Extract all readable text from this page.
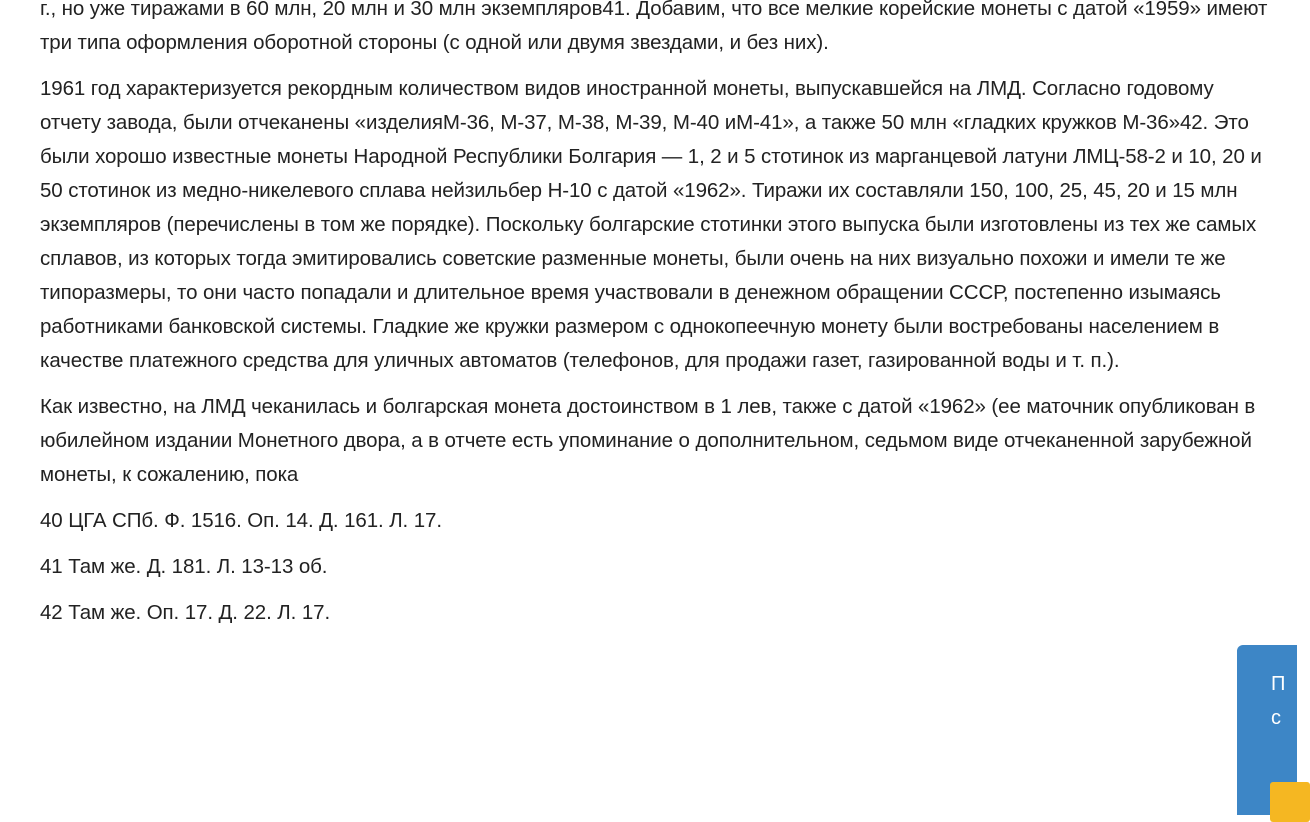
г., но уже тиражами в 60 млн, 20 млн и 30 млн экземпляров41. Добавим, что все мелкие корейские монеты с датой «1959» имеют три типа оформления оборотной стороны (с одной или двумя звездами, и без них).

1961 год характеризуется рекордным количеством видов иностранной монеты, выпускавшейся на ЛМД. Согласно годовому отчету завода, были отчеканены «изделияМ-36, М-37, М-38, М-39, М-40 иМ-41», а также 50 млн «гладких кружков М-36»42. Это были хорошо известные монеты Народной Республики Болгария — 1, 2 и 5 стотинок из марганцевой латуни ЛМЦ-58-2 и 10, 20 и 50 стотинок из медно-никелевого сплава нейзильбер Н-10 с датой «1962». Тиражи их составляли 150, 100, 25, 45, 20 и 15 млн экземпляров (перечислены в том же порядке). Поскольку болгарские стотинки этого выпуска были изготовлены из тех же самых сплавов, из которых тогда эмитировались советские разменные монеты, были очень на них визуально похожи и имели те же типоразмеры, то они часто попадали и длительное время участвовали в денежном обращении СССР, постепенно изымаясь работниками банковской системы. Гладкие же кружки размером с однокопеечную монету были востребованы населением в качестве платежного средства для уличных автоматов (телефонов, для продажи газет, газированной воды и т. п.).

Как известно, на ЛМД чеканилась и болгарская монета достоинством в 1 лев, также с датой «1962» (ее маточник опубликован в юбилейном издании Монетного двора, а в отчете есть упоминание о дополнительном, седьмом виде отчеканенной зарубежной монеты, к сожалению, пока

40 ЦГА СПб. Ф. 1516. Оп. 14. Д. 161. Л. 17.
41 Там же. Д. 181. Л. 13-13 об.
42 Там же. Оп. 17. Д. 22. Л. 17.
П
с
